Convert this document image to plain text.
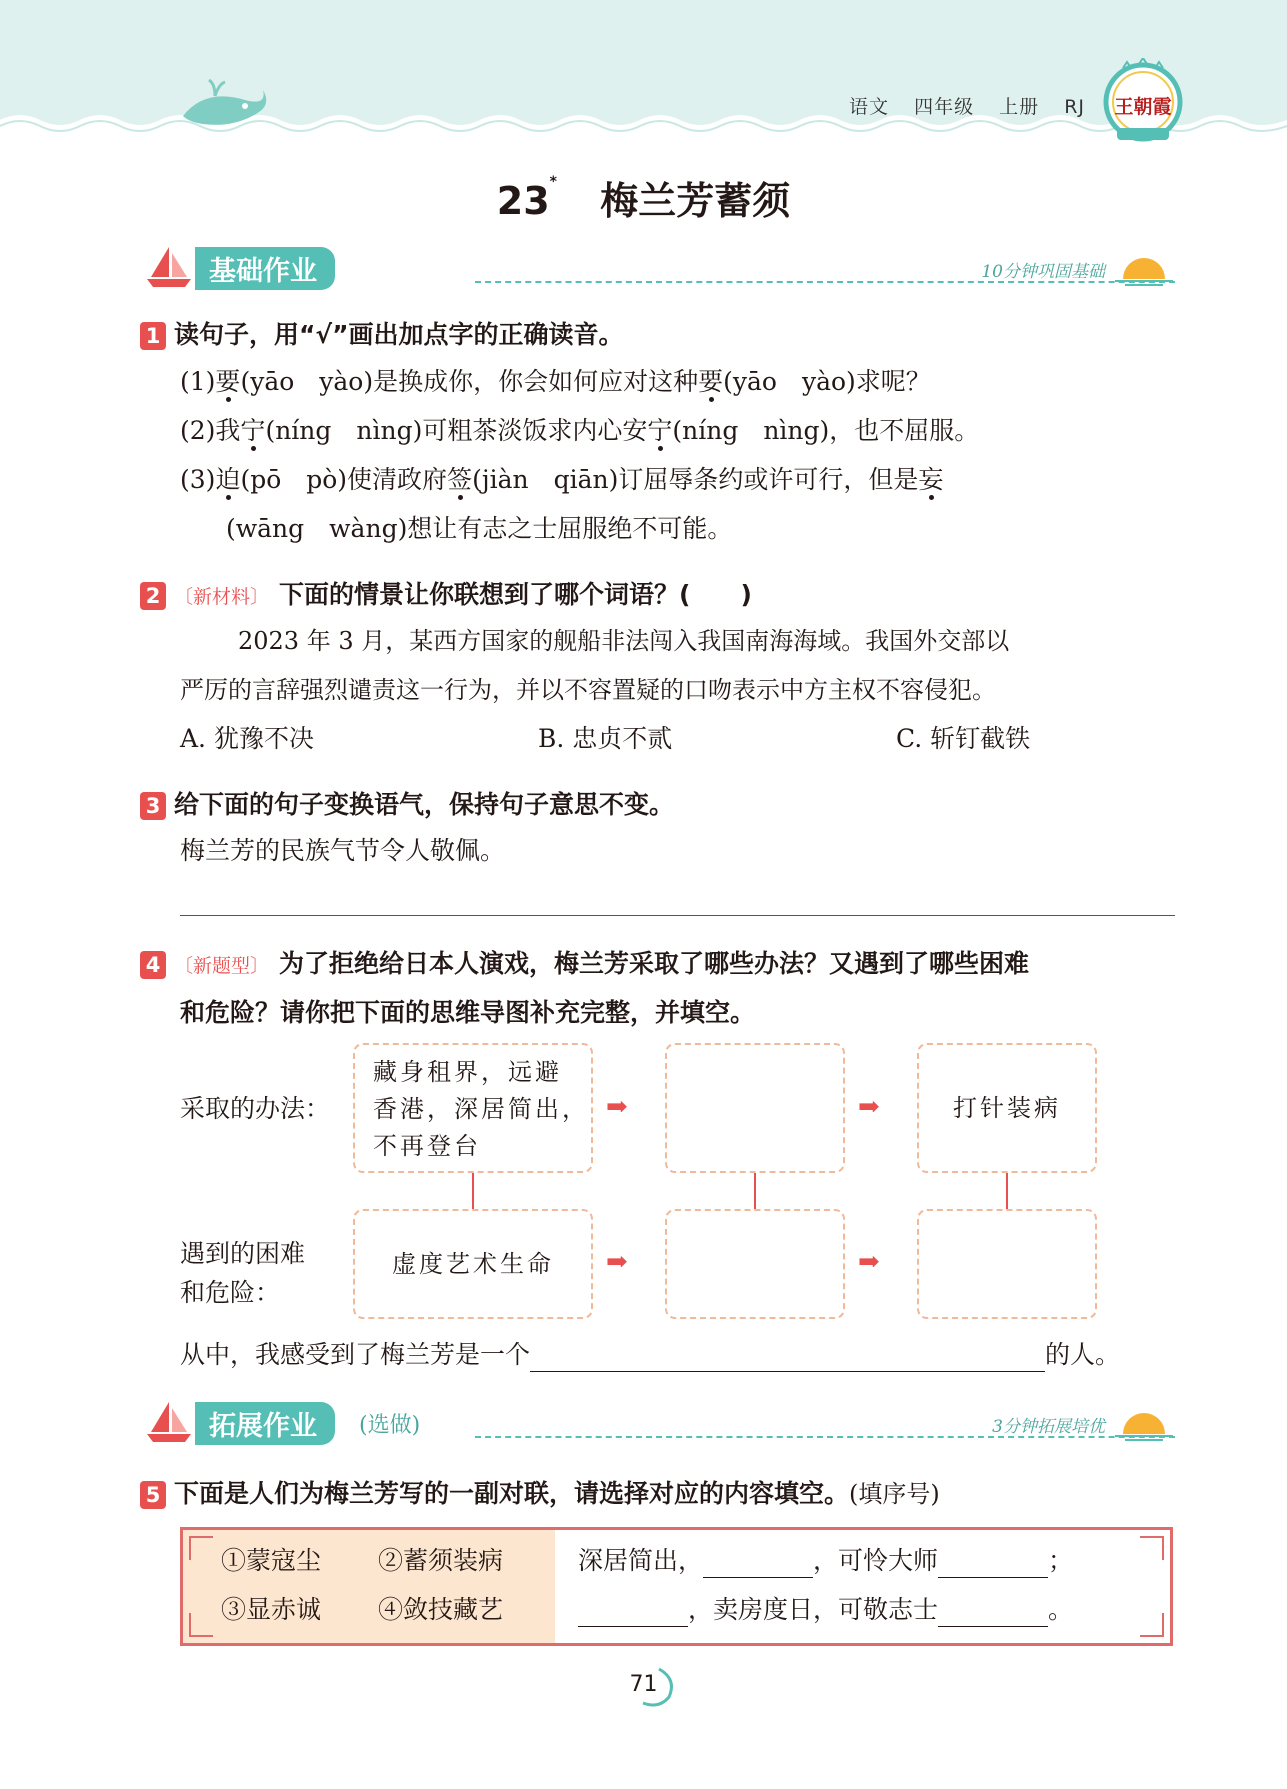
语文 四年级 上册 RJ 王朝霞
23* 梅兰芳蓄须
基础作业	10分钟巩固基础
1 读句子，用“√”画出加点字的正确读音。
(1)要(yāo　yào)是换成你，你会如何应对这种要(yāo　yào)求呢？
(2)我宁(níng　nìng)可粗茶淡饭求内心安宁(níng　nìng)，也不屈服。
(3)迫(pō　pò)使清政府签(jiàn　qiān)订屈辱条约或许可行，但是妄
(wāng　wàng)想让有志之士屈服绝不可能。
2 〔新材料〕 下面的情景让你联想到了哪个词语？(　　)
2023 年 3 月，某西方国家的舰船非法闯入我国南海海域。我国外交部以
严厉的言辞强烈谴责这一行为，并以不容置疑的口吻表示中方主权不容侵犯。
A. 犹豫不决	B. 忠贞不贰	C. 斩钉截铁
3 给下面的句子变换语气，保持句子意思不变。
梅兰芳的民族气节令人敬佩。
4 〔新题型〕 为了拒绝给日本人演戏，梅兰芳采取了哪些办法？又遇到了哪些困难
和危险？请你把下面的思维导图补充完整，并填空。
采取的办法：
藏身租界，远避
香港，深居简出，
不再登台
➡	➡	打针装病
遇到的困难
和危险：
虚度艺术生命	➡	➡
从中，我感受到了梅兰芳是一个	的人。
拓展作业	(选做)	3分钟拓展培优
5 下面是人们为梅兰芳写的一副对联，请选择对应的内容填空。(填序号)
①蒙寇尘 ②蓄须装病
③显赤诚 ④敛技藏艺
深居简出，	，可怜大师	；
，卖房度日，可敬志士	。
71
